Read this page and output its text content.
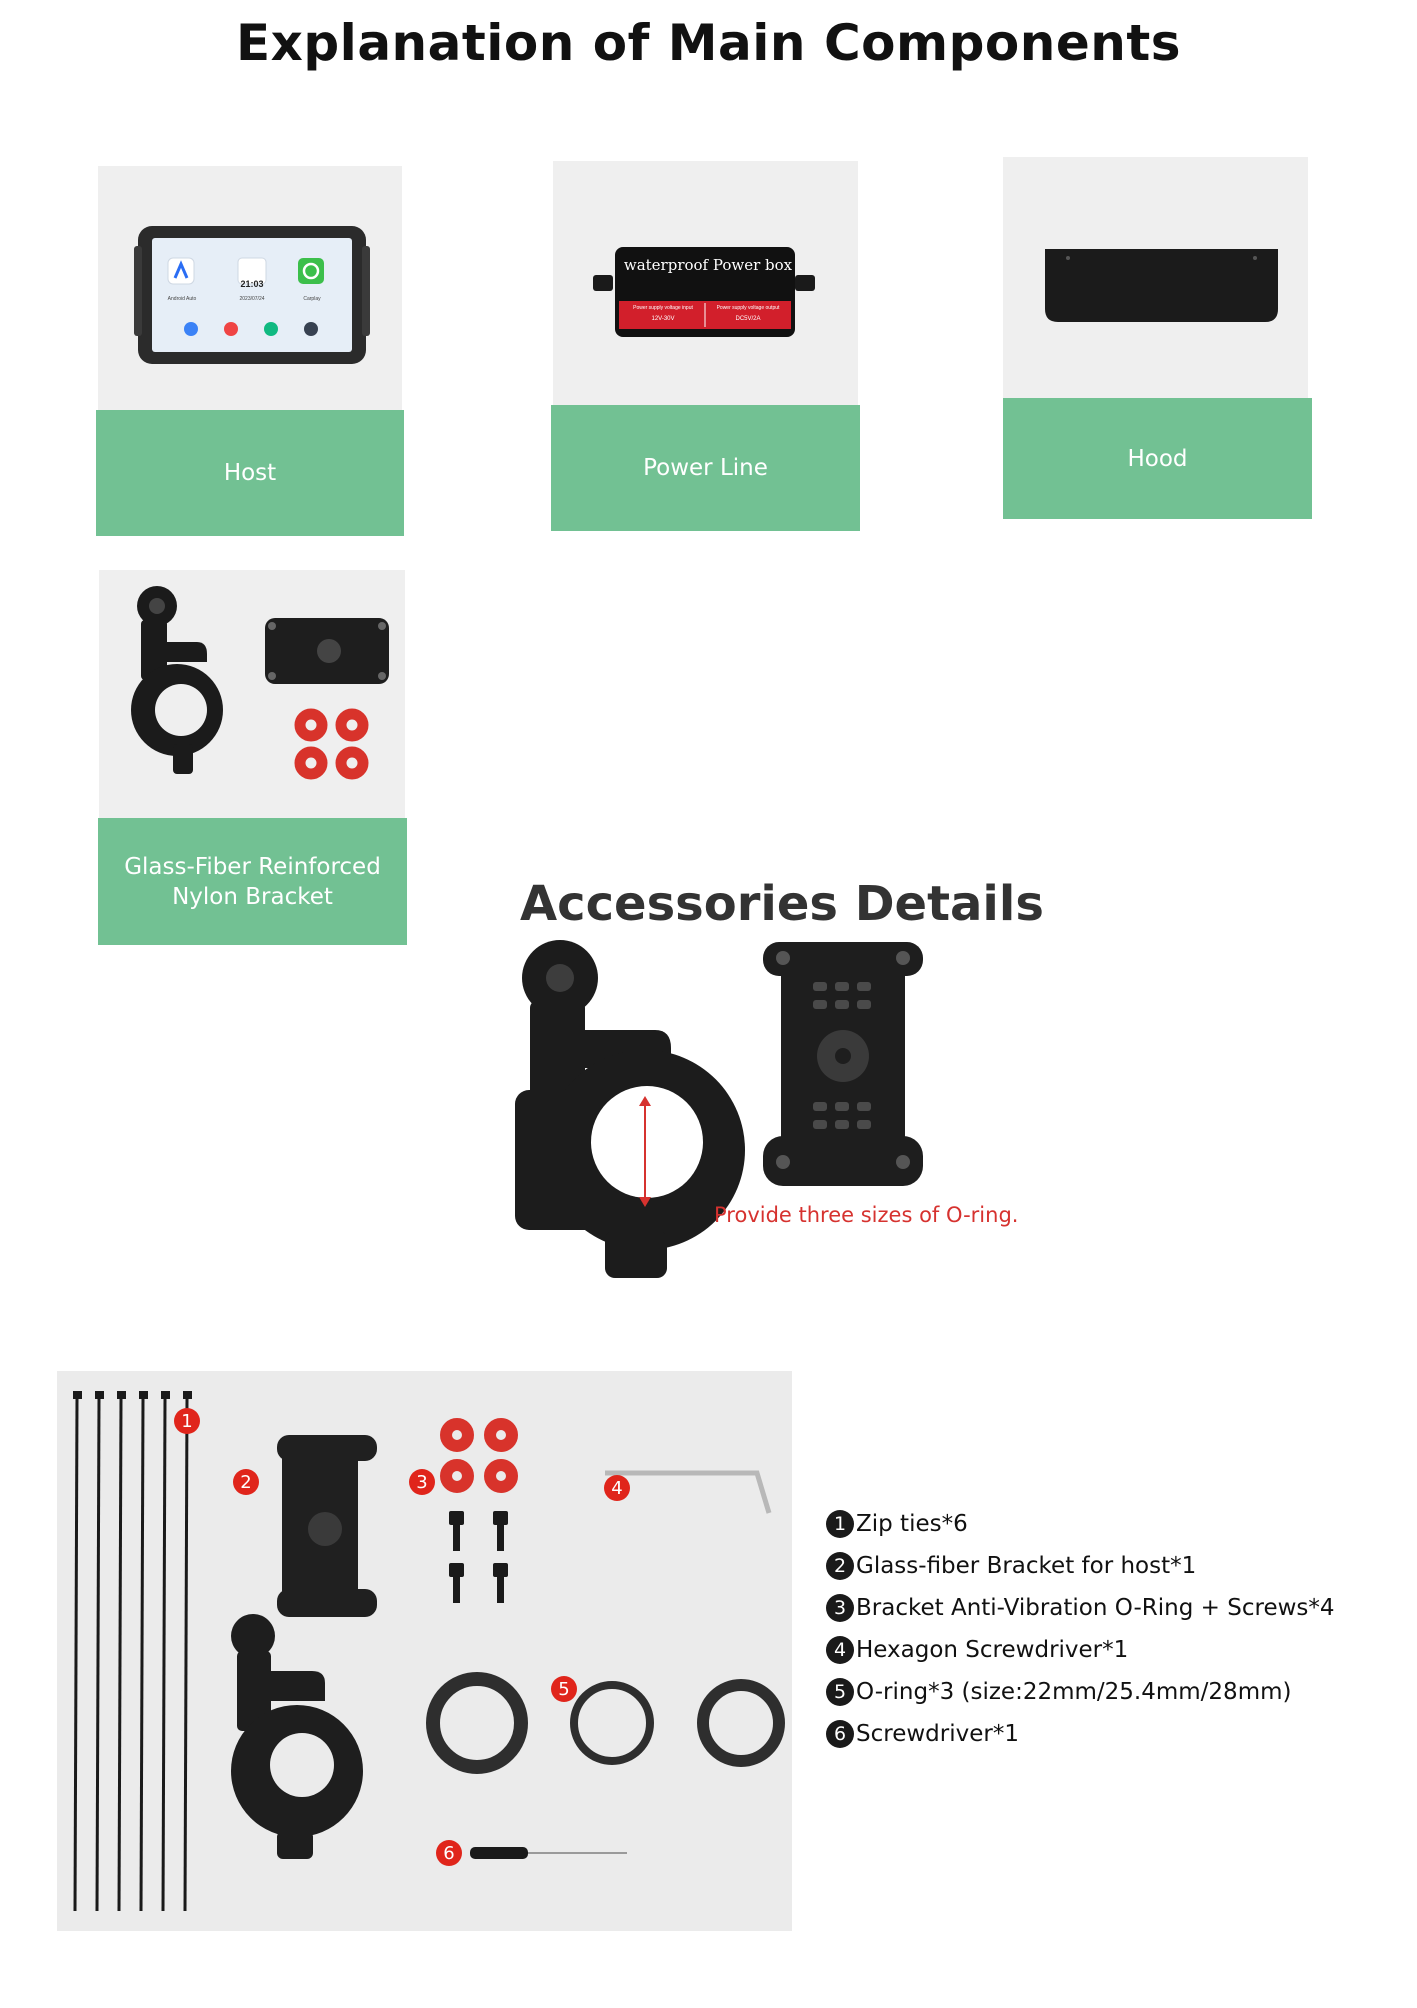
Explanation of Main Components
21:03
2023/07/24
Android Auto	Carplay
Host
waterproof Power box
Power supply voltage input	Power supply voltage output
12V-30V	DC5V/2A
Power Line	Hood
Glass-Fiber Reinforced
Nylon Bracket	Accessories Details
Provide three sizes of O-ring.
1
2	3	4
5
6
1 Zip ties*6
2 Glass-fiber Bracket for host*1
3 Bracket Anti-Vibration O-Ring + Screws*4
4 Hexagon Screwdriver*1
5 O-ring*3 (size:22mm/25.4mm/28mm)
6 Screwdriver*1
